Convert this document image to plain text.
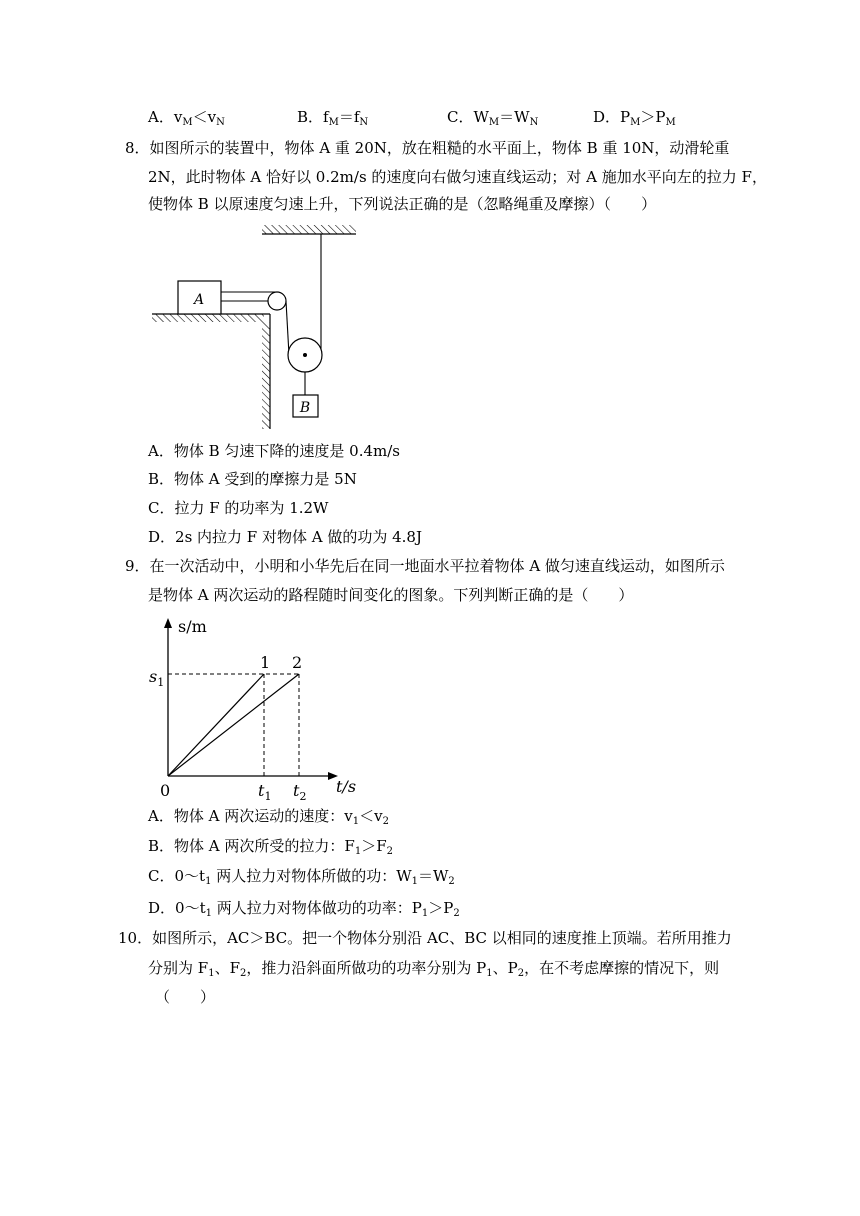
A．$v_M<v_N$	B．$f_M=f_N$	C．$W_M=W_N$	D．$P_M>P_M$
8．如图所示的装置中，物体 A 重 20N，放在粗糙的水平面上，物体 B 重 10N，动滑轮重
2N，此时物体 A 恰好以 0.2m/s 的速度向右做匀速直线运动；对 A 施加水平向左的拉力 F，
使物体 B 以原速度匀速上升，下列说法正确的是（忽略绳重及摩擦）（　　）
A
B
A．物体 B 匀速下降的速度是 0.4m/s
B．物体 A 受到的摩擦力是 5N
C．拉力 F 的功率为 1.2W
D．2s 内拉力 F 对物体 A 做的功为 4.8J
9．在一次活动中，小明和小华先后在同一地面水平拉着物体 A 做匀速直线运动，如图所示
是物体 A 两次运动的路程随时间变化的图象。下列判断正确的是（　　）
s/m
t/s
0
$s_1$
$t_1$ $t_2$
1 2
A．物体 A 两次运动的速度：$v_1<v_2$
B．物体 A 两次所受的拉力：$F_1>F_2$
C．$0\sim t_1$ 两人拉力对物体所做的功：$W_1=W_2$
D．$0\sim t_1$ 两人拉力对物体做功的功率：$P_1>P_2$
10．如图所示，AC＞BC。把一个物体分别沿 AC、BC 以相同的速度推上顶端。若所用推力
分别为 $F_1$、$F_2$，推力沿斜面所做功的功率分别为 $P_1$、$P_2$，在不考虑摩擦的情况下，则
（　　）
